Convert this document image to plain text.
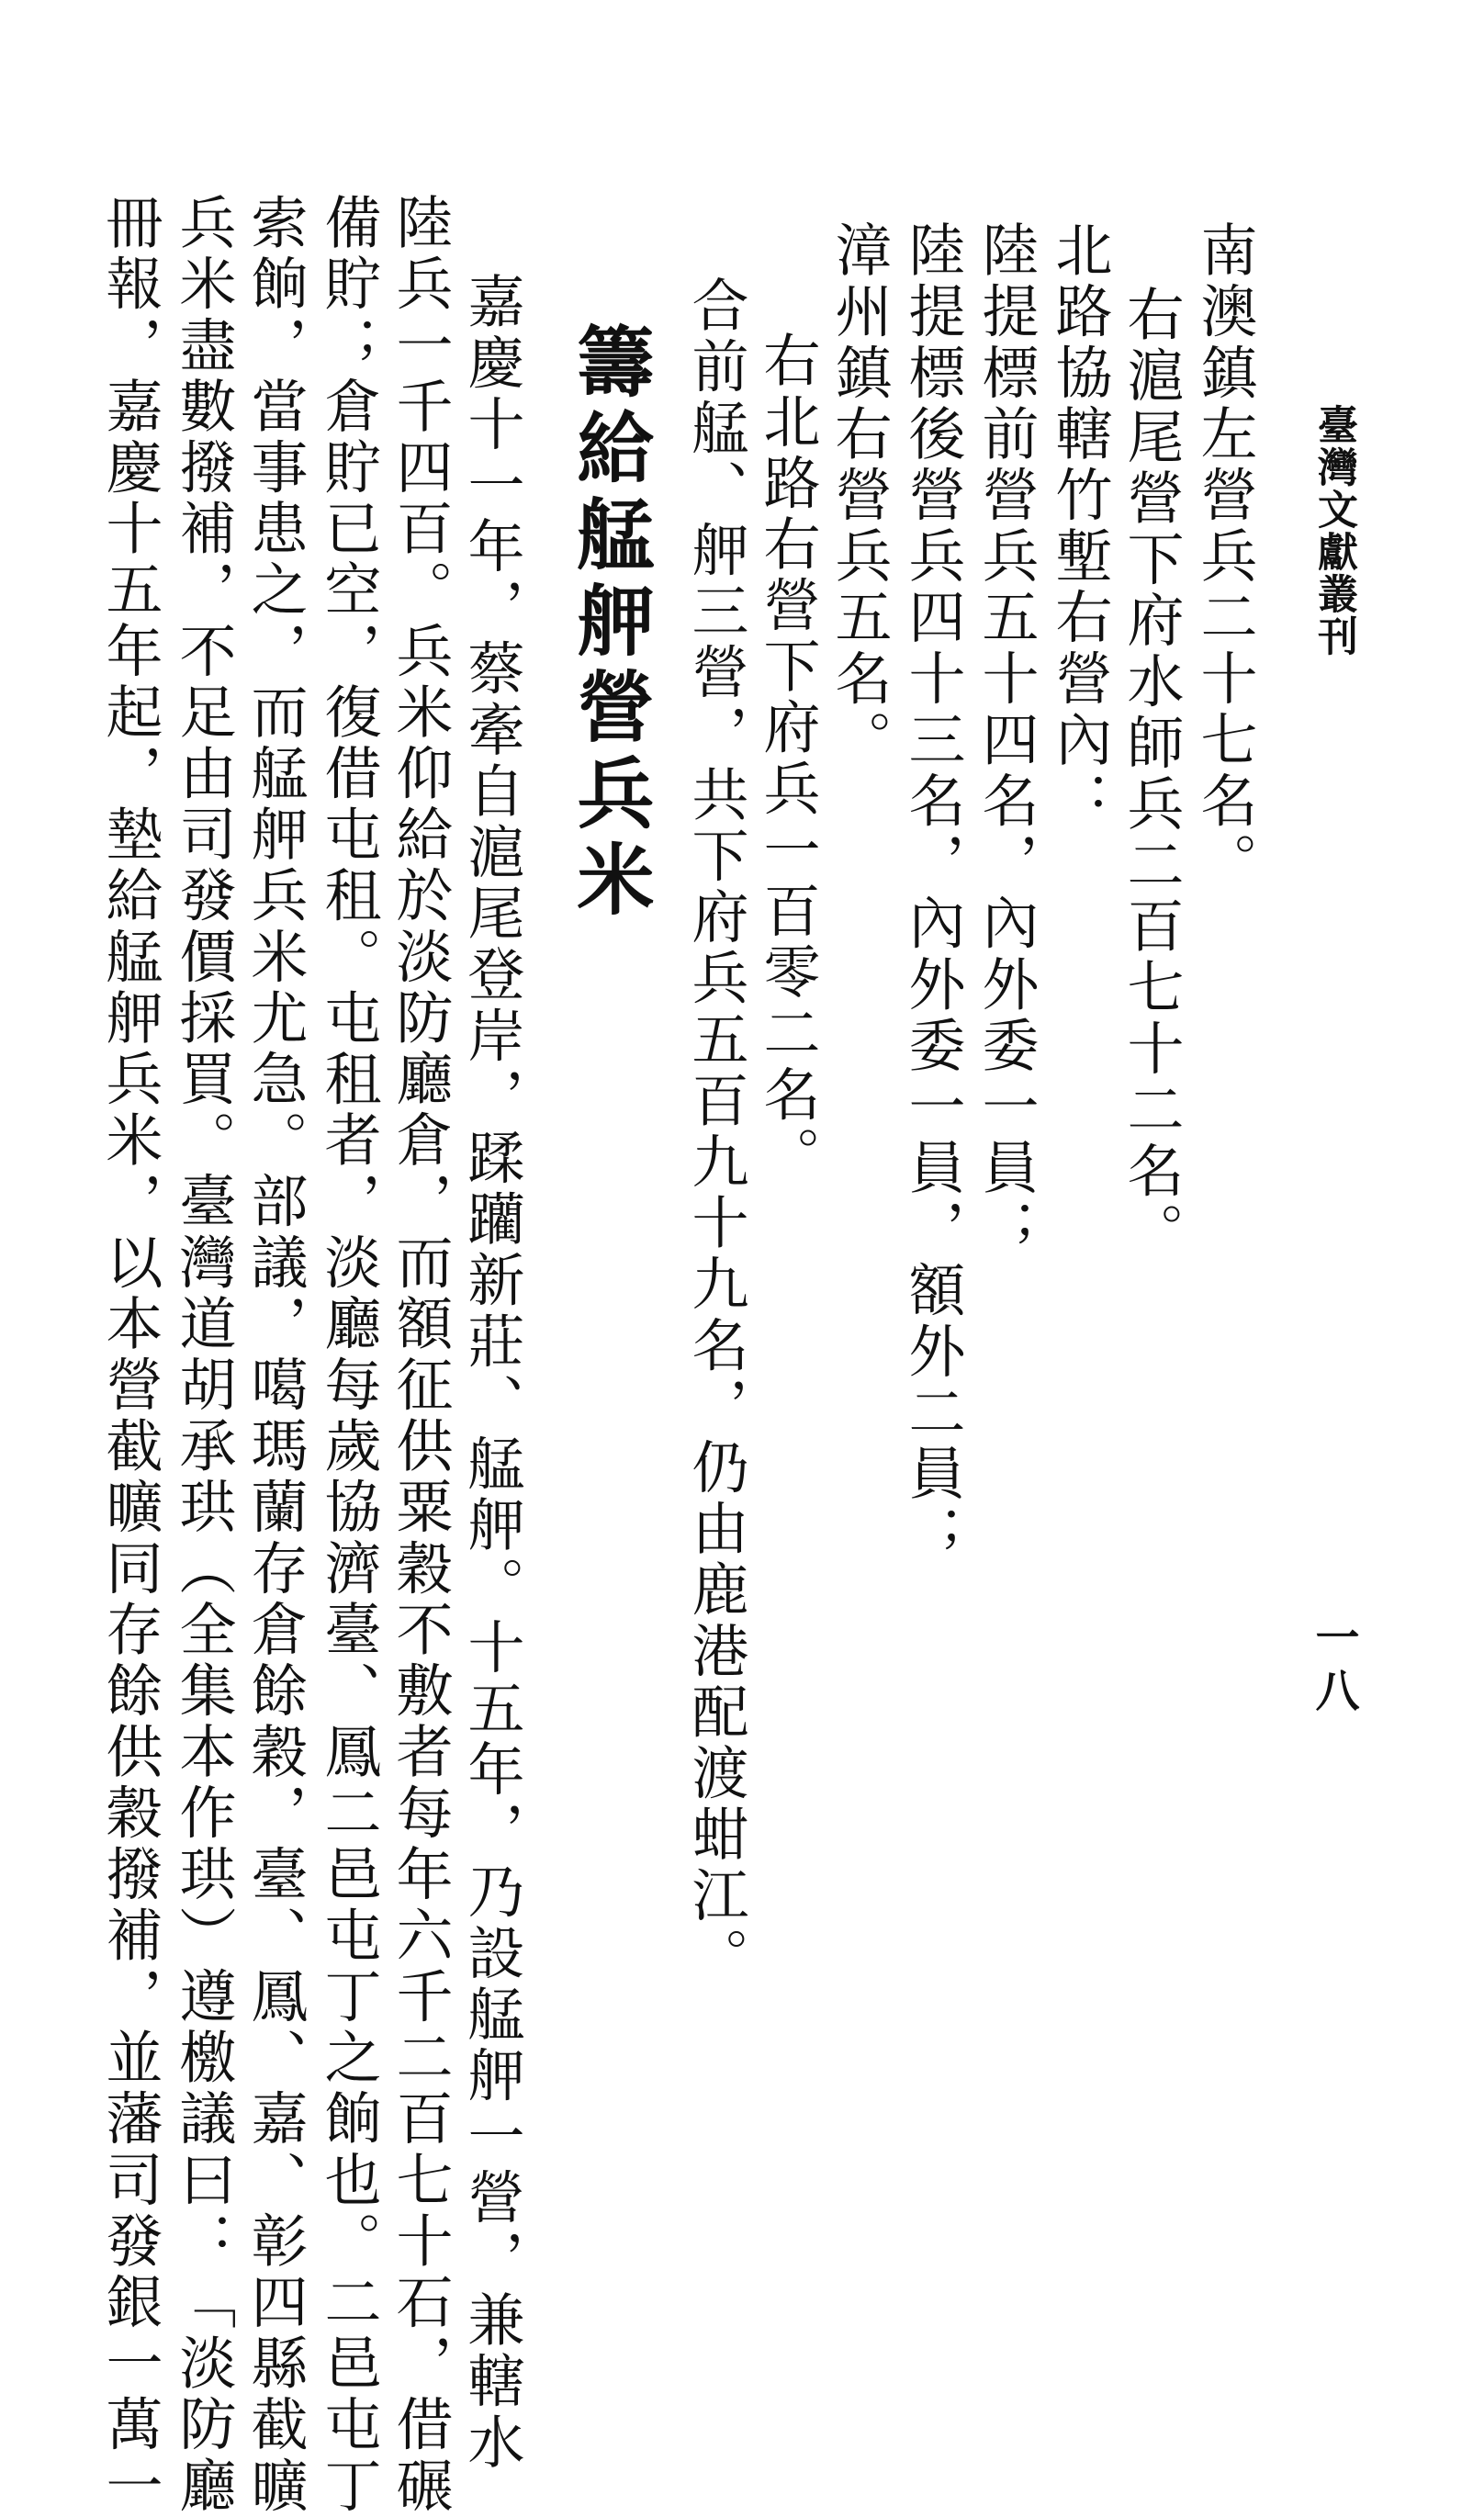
臺灣文獻叢刊
一八
南澳鎮左營兵二十七名。
右滬尾營下府水師兵二百七十二名。
北路協轄竹塹右營內：
陸提標前營兵五十四名，內外委一員；
陸提標後營兵四十三名，內外委一員，額外二員；
漳州鎮右營兵五名。
右北路右營下府兵一百零二名。
合前艋、舺三營，共下府兵五百九十九名，仍由鹿港配渡蚶江。
籌給艋舺營兵米
嘉慶十一年，蔡牽自滬尾登岸，蹂躪新莊、艋舺。十五年，乃設艋舺一營，兼轄水
陸兵一千四百。兵米仰給於淡防廳倉，而額征供粟穀不敷者每年六千二百七十石，借碾
備貯；倉貯已空，復借屯租。屯租者，淡廳每歲協濟臺、鳳二邑屯丁之餉也。二邑屯丁
索餉，當事患之，而艋舺兵米尤急。部議，噶瑪蘭存倉餘穀，臺、鳳、嘉、彰四縣截曠
兵米盡數撥補，不足由司發價採買。臺灣道胡承珙（全集本作珙）遵檄議曰：「淡防廳
冊報，嘉慶十五年起，墊給艋舺兵米，以本營截曠同存餘供穀撥補，並藩司發銀一萬一
